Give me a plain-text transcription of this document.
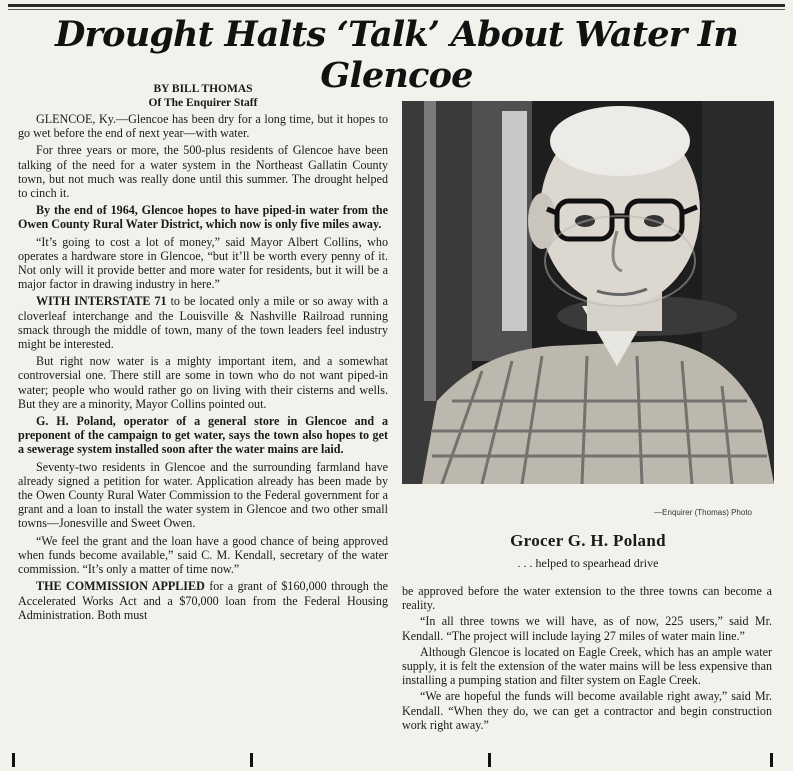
Drought Halts ‘Talk’ About Water In Glencoe
BY BILL THOMAS
Of The Enquirer Staff

GLENCOE, Ky.—Glencoe has been dry for a long time, but it hopes to go wet before the end of next year—with water.

For three years or more, the 500-plus residents of Glencoe have been talking of the need for a water system in the Northeast Gallatin County town, but not much was really done until this summer. The drought helped to cinch it.

By the end of 1964, Glencoe hopes to have piped-in water from the Owen County Rural Water District, which now is only five miles away.

“It’s going to cost a lot of money,” said Mayor Albert Collins, who operates a hardware store in Glencoe, “but it’ll be worth every penny of it. Not only will it provide better and more water for residents, but it will be a major factor in drawing industry in here.”

WITH INTERSTATE 71 to be located only a mile or so away with a cloverleaf interchange and the Louisville & Nashville Railroad running smack through the middle of town, many of the town leaders feel industry might be interested.

But right now water is a mighty important item, and a somewhat controversial one. There still are some in town who do not want piped-in water; people who would rather go on living with their cisterns and wells. But they are a minority, Mayor Collins pointed out.

G. H. Poland, operator of a general store in Glencoe and a preponent of the campaign to get water, says the town also hopes to get a sewerage system installed soon after the water mains are laid.

Seventy-two residents in Glencoe and the surrounding farmland have already signed a petition for water. Application already has been made by the Owen County Rural Water Commission to the Federal government for a grant and a loan to install the water system in Glencoe and two other small towns—Jonesville and Sweet Owen.

“We feel the grant and the loan have a good chance of being approved when funds become available,” said C. M. Kendall, secretary of the water commission. “It’s only a matter of time now.”

THE COMMISSION APPLIED for a grant of $160,000 through the Accelerated Works Act and a $70,000 loan from the Federal Housing Administration. Both must

—Enquirer (Thomas) Photo
Grocer G. H. Poland
. . . helped to spearhead drive

be approved before the water extension to the three towns can become a reality.

“In all three towns we will have, as of now, 225 users,” said Mr. Kendall. “The project will include laying 27 miles of water main line.”

Although Glencoe is located on Eagle Creek, which has an ample water supply, it is felt the extension of the water mains will be less expensive than installing a pumping station and filter system on Eagle Creek.

“We are hopeful the funds will become available right away,” said Mr. Kendall. “When they do, we can get a contractor and begin construction work right away.”
